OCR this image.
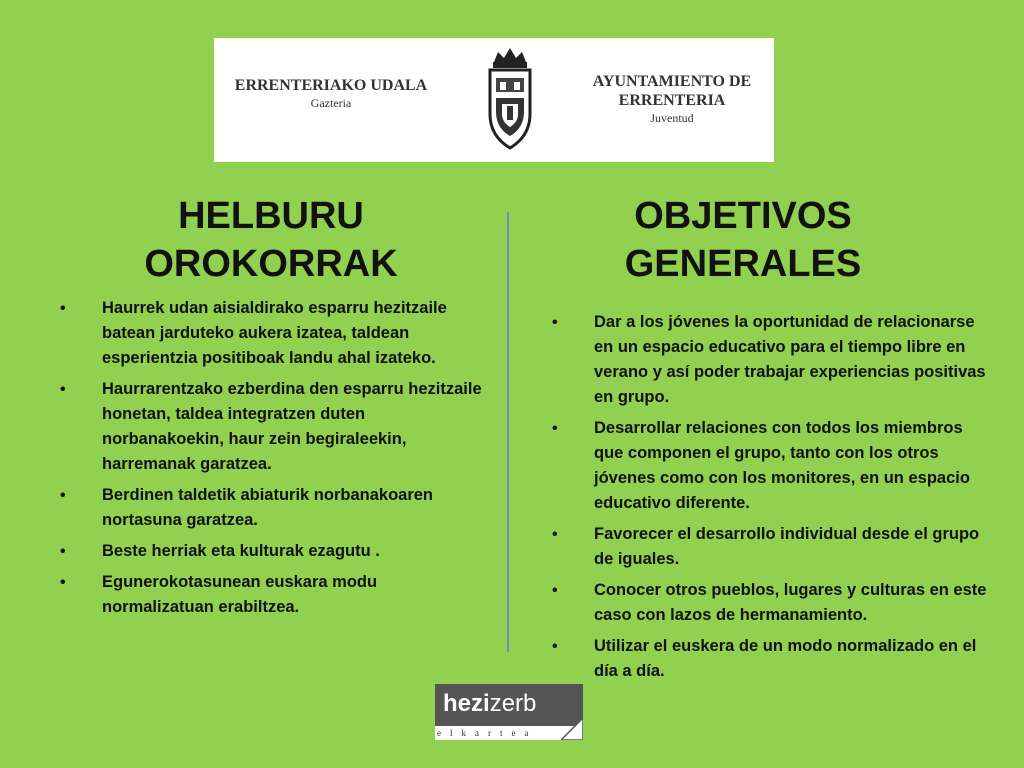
ERRENTERIAKO UDALA
Gazteria
AYUNTAMIENTO DE ERRENTERIA
Juventud
HELBURU
OROKORRAK
• Haurrek udan aisialdirako esparru hezitzaile batean jarduteko aukera izatea, taldean esperientzia positiboak landu ahal izateko.
• Haurrarentzako ezberdina den esparru hezitzaile honetan, taldea integratzen duten norbanakoekin, haur zein begiraleekin, harremanak garatzea.
• Berdinen taldetik abiaturik norbanakoaren nortasuna garatzea.
• Beste herriak eta kulturak ezagutu .
• Egunerokotasunean euskara modu normalizatuan erabiltzea.
OBJETIVOS
GENERALES
• Dar a los jóvenes la oportunidad de relacionarse en un espacio educativo para el tiempo libre en verano y así poder trabajar experiencias positivas en grupo.
• Desarrollar relaciones con todos los miembros que componen el grupo, tanto con los otros jóvenes como con los monitores, en un espacio educativo diferente.
• Favorecer el desarrollo individual desde el grupo de iguales.
• Conocer otros pueblos, lugares y culturas en este caso con lazos de hermanamiento.
• Utilizar el euskera de un modo normalizado en el día a día.
hezizerb
elkartea
